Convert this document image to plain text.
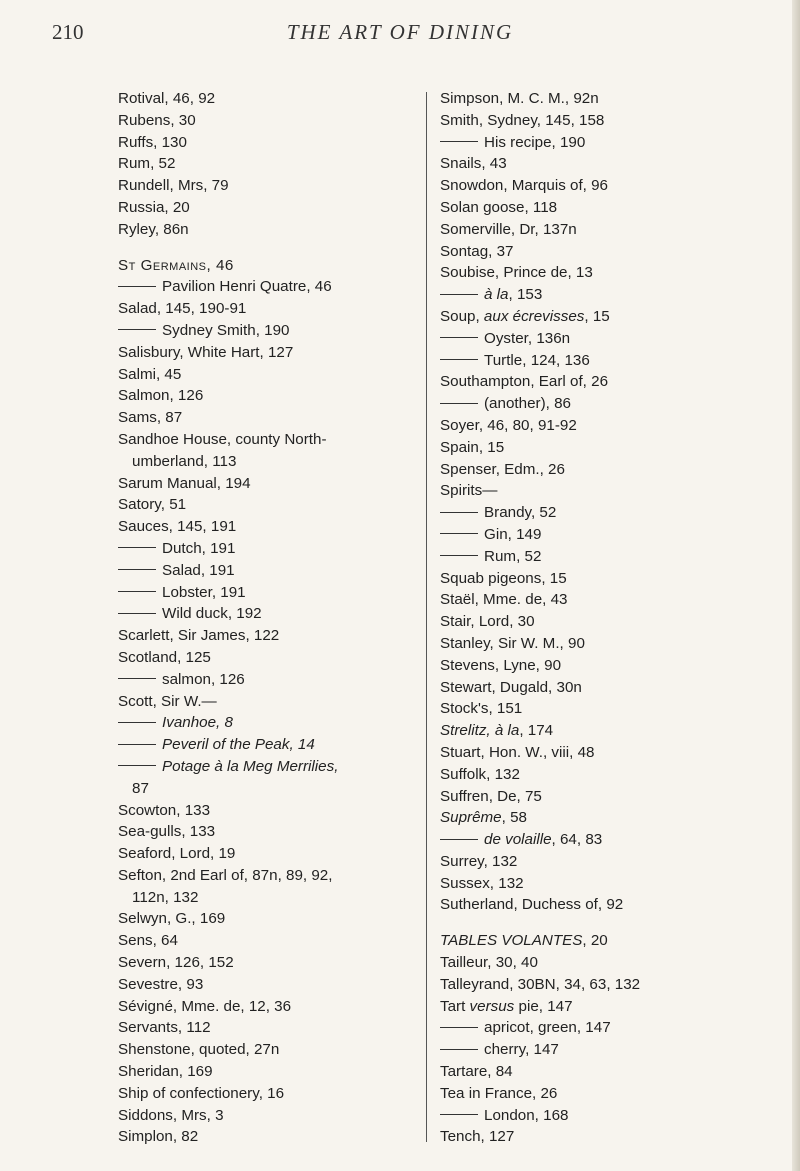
210	THE ART OF DINING
Rotival, 46, 92
Rubens, 30
Ruffs, 130
Rum, 52
Rundell, Mrs, 79
Russia, 20
Ryley, 86n
St Germains, 46
Pavilion Henri Quatre, 46
Salad, 145, 190-91
Sydney Smith, 190
Salisbury, White Hart, 127
Salmi, 45
Salmon, 126
Sams, 87
Sandhoe House, county North-
umberland, 113
Sarum Manual, 194
Satory, 51
Sauces, 145, 191
Dutch, 191
Salad, 191
Lobster, 191
Wild duck, 192
Scarlett, Sir James, 122
Scotland, 125
salmon, 126
Scott, Sir W.—
Ivanhoe, 8
Peveril of the Peak, 14
Potage à la Meg Merrilies,
87
Scowton, 133
Sea-gulls, 133
Seaford, Lord, 19
Sefton, 2nd Earl of, 87n, 89, 92,
112n, 132
Selwyn, G., 169
Sens, 64
Severn, 126, 152
Sevestre, 93
Sévigné, Mme. de, 12, 36
Servants, 112
Shenstone, quoted, 27n
Sheridan, 169
Ship of confectionery, 16
Siddons, Mrs, 3
Simplon, 82
Simpson, M. C. M., 92n
Smith, Sydney, 145, 158
His recipe, 190
Snails, 43
Snowdon, Marquis of, 96
Solan goose, 118
Somerville, Dr, 137n
Sontag, 37
Soubise, Prince de, 13
à la, 153
Soup, aux écrevisses, 15
Oyster, 136n
Turtle, 124, 136
Southampton, Earl of, 26
(another), 86
Soyer, 46, 80, 91-92
Spain, 15
Spenser, Edm., 26
Spirits—
Brandy, 52
Gin, 149
Rum, 52
Squab pigeons, 15
Staël, Mme. de, 43
Stair, Lord, 30
Stanley, Sir W. M., 90
Stevens, Lyne, 90
Stewart, Dugald, 30n
Stock's, 151
Strelitz, à la, 174
Stuart, Hon. W., viii, 48
Suffolk, 132
Suffren, De, 75
Suprême, 58
de volaille, 64, 83
Surrey, 132
Sussex, 132
Sutherland, Duchess of, 92
TABLES VOLANTES, 20
Tailleur, 30, 40
Talleyrand, 30BN, 34, 63, 132
Tart versus pie, 147
apricot, green, 147
cherry, 147
Tartare, 84
Tea in France, 26
London, 168
Tench, 127
